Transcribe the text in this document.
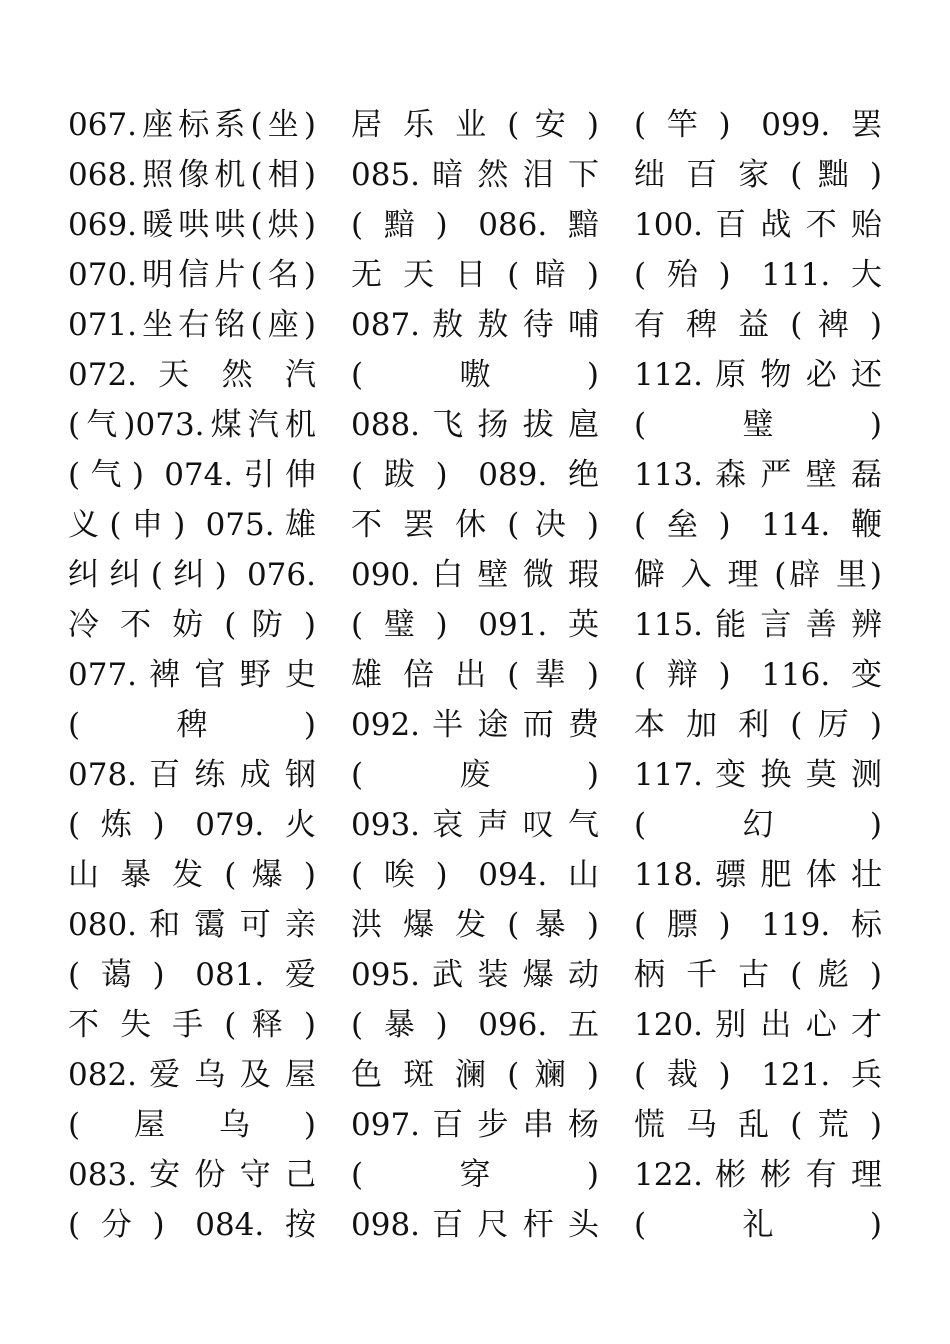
067.座标系(坐)
068.照像机(相)
069.暖哄哄(烘)
070.明信片(名)
071.坐右铭(座)
072. 天 然 汽
(气)073.煤汽机
(气) 074.引伸
义(申) 075.雄
纠纠(纠) 076.
冷 不 妨 ( 防 )
077. 裨 官 野 史
(稗)
078. 百 练 成 钢
(炼) 079.火
山 暴 发 ( 爆 )
080. 和 霭 可 亲
(蔼) 081.爱
不 失 手 ( 释 )
082. 爱 乌 及 屋
(屋乌)
083. 安 份 守 己
(分) 084.按
居 乐 业 ( 安 )
085. 暗 然 泪 下
(黯) 086.黯
无 天 日 ( 暗 )
087. 敖 敖 待 哺
(嗷)
088. 飞 扬 拔 扈
(跋) 089.绝
不 罢 休 ( 决 )
090. 白 壁 微 瑕
(璧) 091.英
雄 倍 出 ( 辈 )
092. 半 途 而 费
(废)
093. 哀 声 叹 气
(唉) 094.山
洪 爆 发 ( 暴 )
095. 武 装 爆 动
(暴) 096.五
色 斑 澜 ( 斓 )
097. 百 步 串 杨
(穿)
098. 百 尺 杆 头
(竿) 099.罢
绌 百 家 ( 黜 )
100. 百 战 不 贻
(殆) 111.大
有 稗 益 ( 裨 )
112. 原 物 必 还
(璧)
113. 森 严 壁 磊
(垒) 114.鞭
僻 入 理 (辟 里)
115. 能 言 善 辨
(辩) 116.变
本 加 利 ( 厉 )
117. 变 换 莫 测
(幻)
118. 骠 肥 体 壮
(膘) 119.标
柄 千 古 ( 彪 )
120. 别 出 心 才
(裁) 121.兵
慌 马 乱 ( 荒 )
122. 彬 彬 有 理
(礼)
